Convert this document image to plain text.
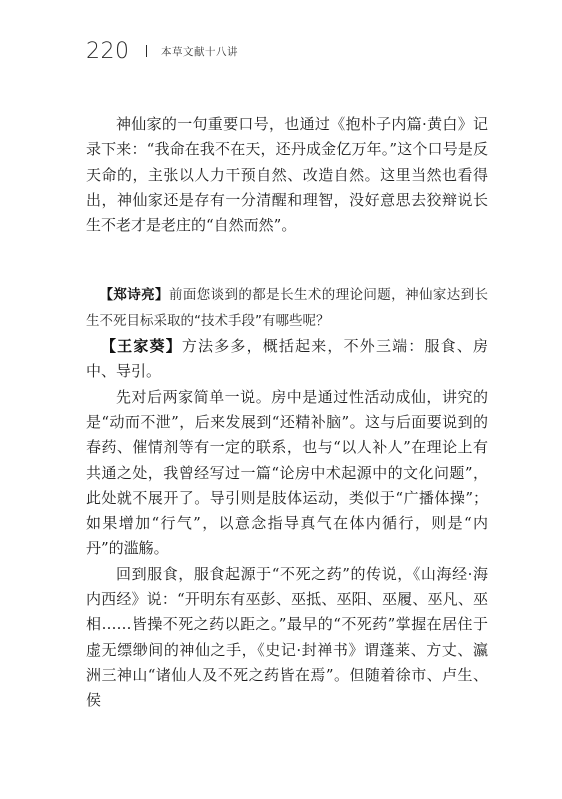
220	本草文献十八讲

神仙家的一句重要口号，也通过《抱朴子内篇·黄白》记录下来：“我命在我不在天，还丹成金亿万年。”这个口号是反天命的，主张以人力干预自然、改造自然。这里当然也看得出，神仙家还是存有一分清醒和理智，没好意思去狡辩说长生不老才是老庄的“自然而然”。

【郑诗亮】前面您谈到的都是长生术的理论问题，神仙家达到长生不死目标采取的“技术手段”有哪些呢？

【王家葵】方法多多，概括起来，不外三端：服食、房中、导引。

先对后两家简单一说。房中是通过性活动成仙，讲究的是“动而不泄”，后来发展到“还精补脑”。这与后面要说到的春药、催情剂等有一定的联系，也与“以人补人”在理论上有共通之处，我曾经写过一篇“论房中术起源中的文化问题”，此处就不展开了。导引则是肢体运动，类似于“广播体操”；如果增加“行气”，以意念指导真气在体内循行，则是“内丹”的滥觞。

回到服食，服食起源于“不死之药”的传说，《山海经·海内西经》说：“开明东有巫彭、巫抵、巫阳、巫履、巫凡、巫相……皆操不死之药以距之。”最早的“不死药”掌握在居住于虚无缥缈间的神仙之手，《史记·封禅书》谓蓬莱、方丈、瀛洲三神山“诸仙人及不死之药皆在焉”。但随着徐市、卢生、侯
